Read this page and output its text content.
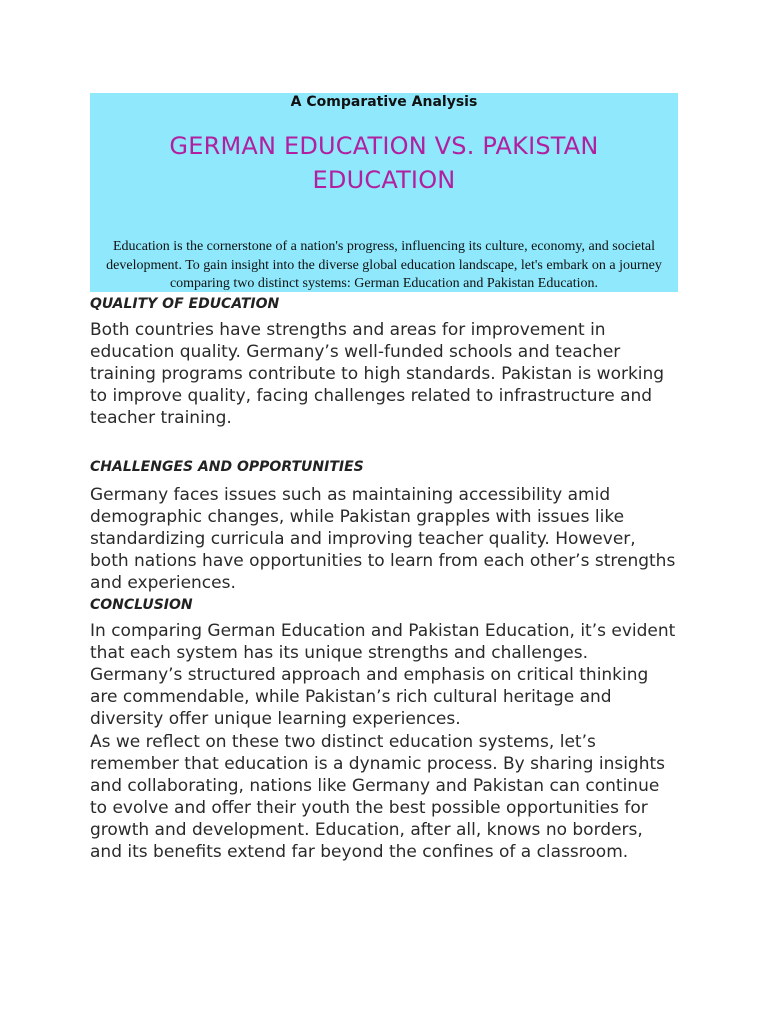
A Comparative Analysis
GERMAN EDUCATION VS. PAKISTAN EDUCATION
Education is the cornerstone of a nation's progress, influencing its culture, economy, and societal development. To gain insight into the diverse global education landscape, let's embark on a journey comparing two distinct systems: German Education and Pakistan Education.
QUALITY OF EDUCATION

Both countries have strengths and areas for improvement in education quality. Germany’s well-funded schools and teacher training programs contribute to high standards. Pakistan is working to improve quality, facing challenges related to infrastructure and teacher training.

CHALLENGES AND OPPORTUNITIES

Germany faces issues such as maintaining accessibility amid demographic changes, while Pakistan grapples with issues like standardizing curricula and improving teacher quality. However, both nations have opportunities to learn from each other’s strengths and experiences.

CONCLUSION

In comparing German Education and Pakistan Education, it’s evident that each system has its unique strengths and challenges. Germany’s structured approach and emphasis on critical thinking are commendable, while Pakistan’s rich cultural heritage and diversity offer unique learning experiences.

As we reflect on these two distinct education systems, let’s remember that education is a dynamic process. By sharing insights and collaborating, nations like Germany and Pakistan can continue to evolve and offer their youth the best possible opportunities for growth and development. Education, after all, knows no borders, and its benefits extend far beyond the confines of a classroom.
